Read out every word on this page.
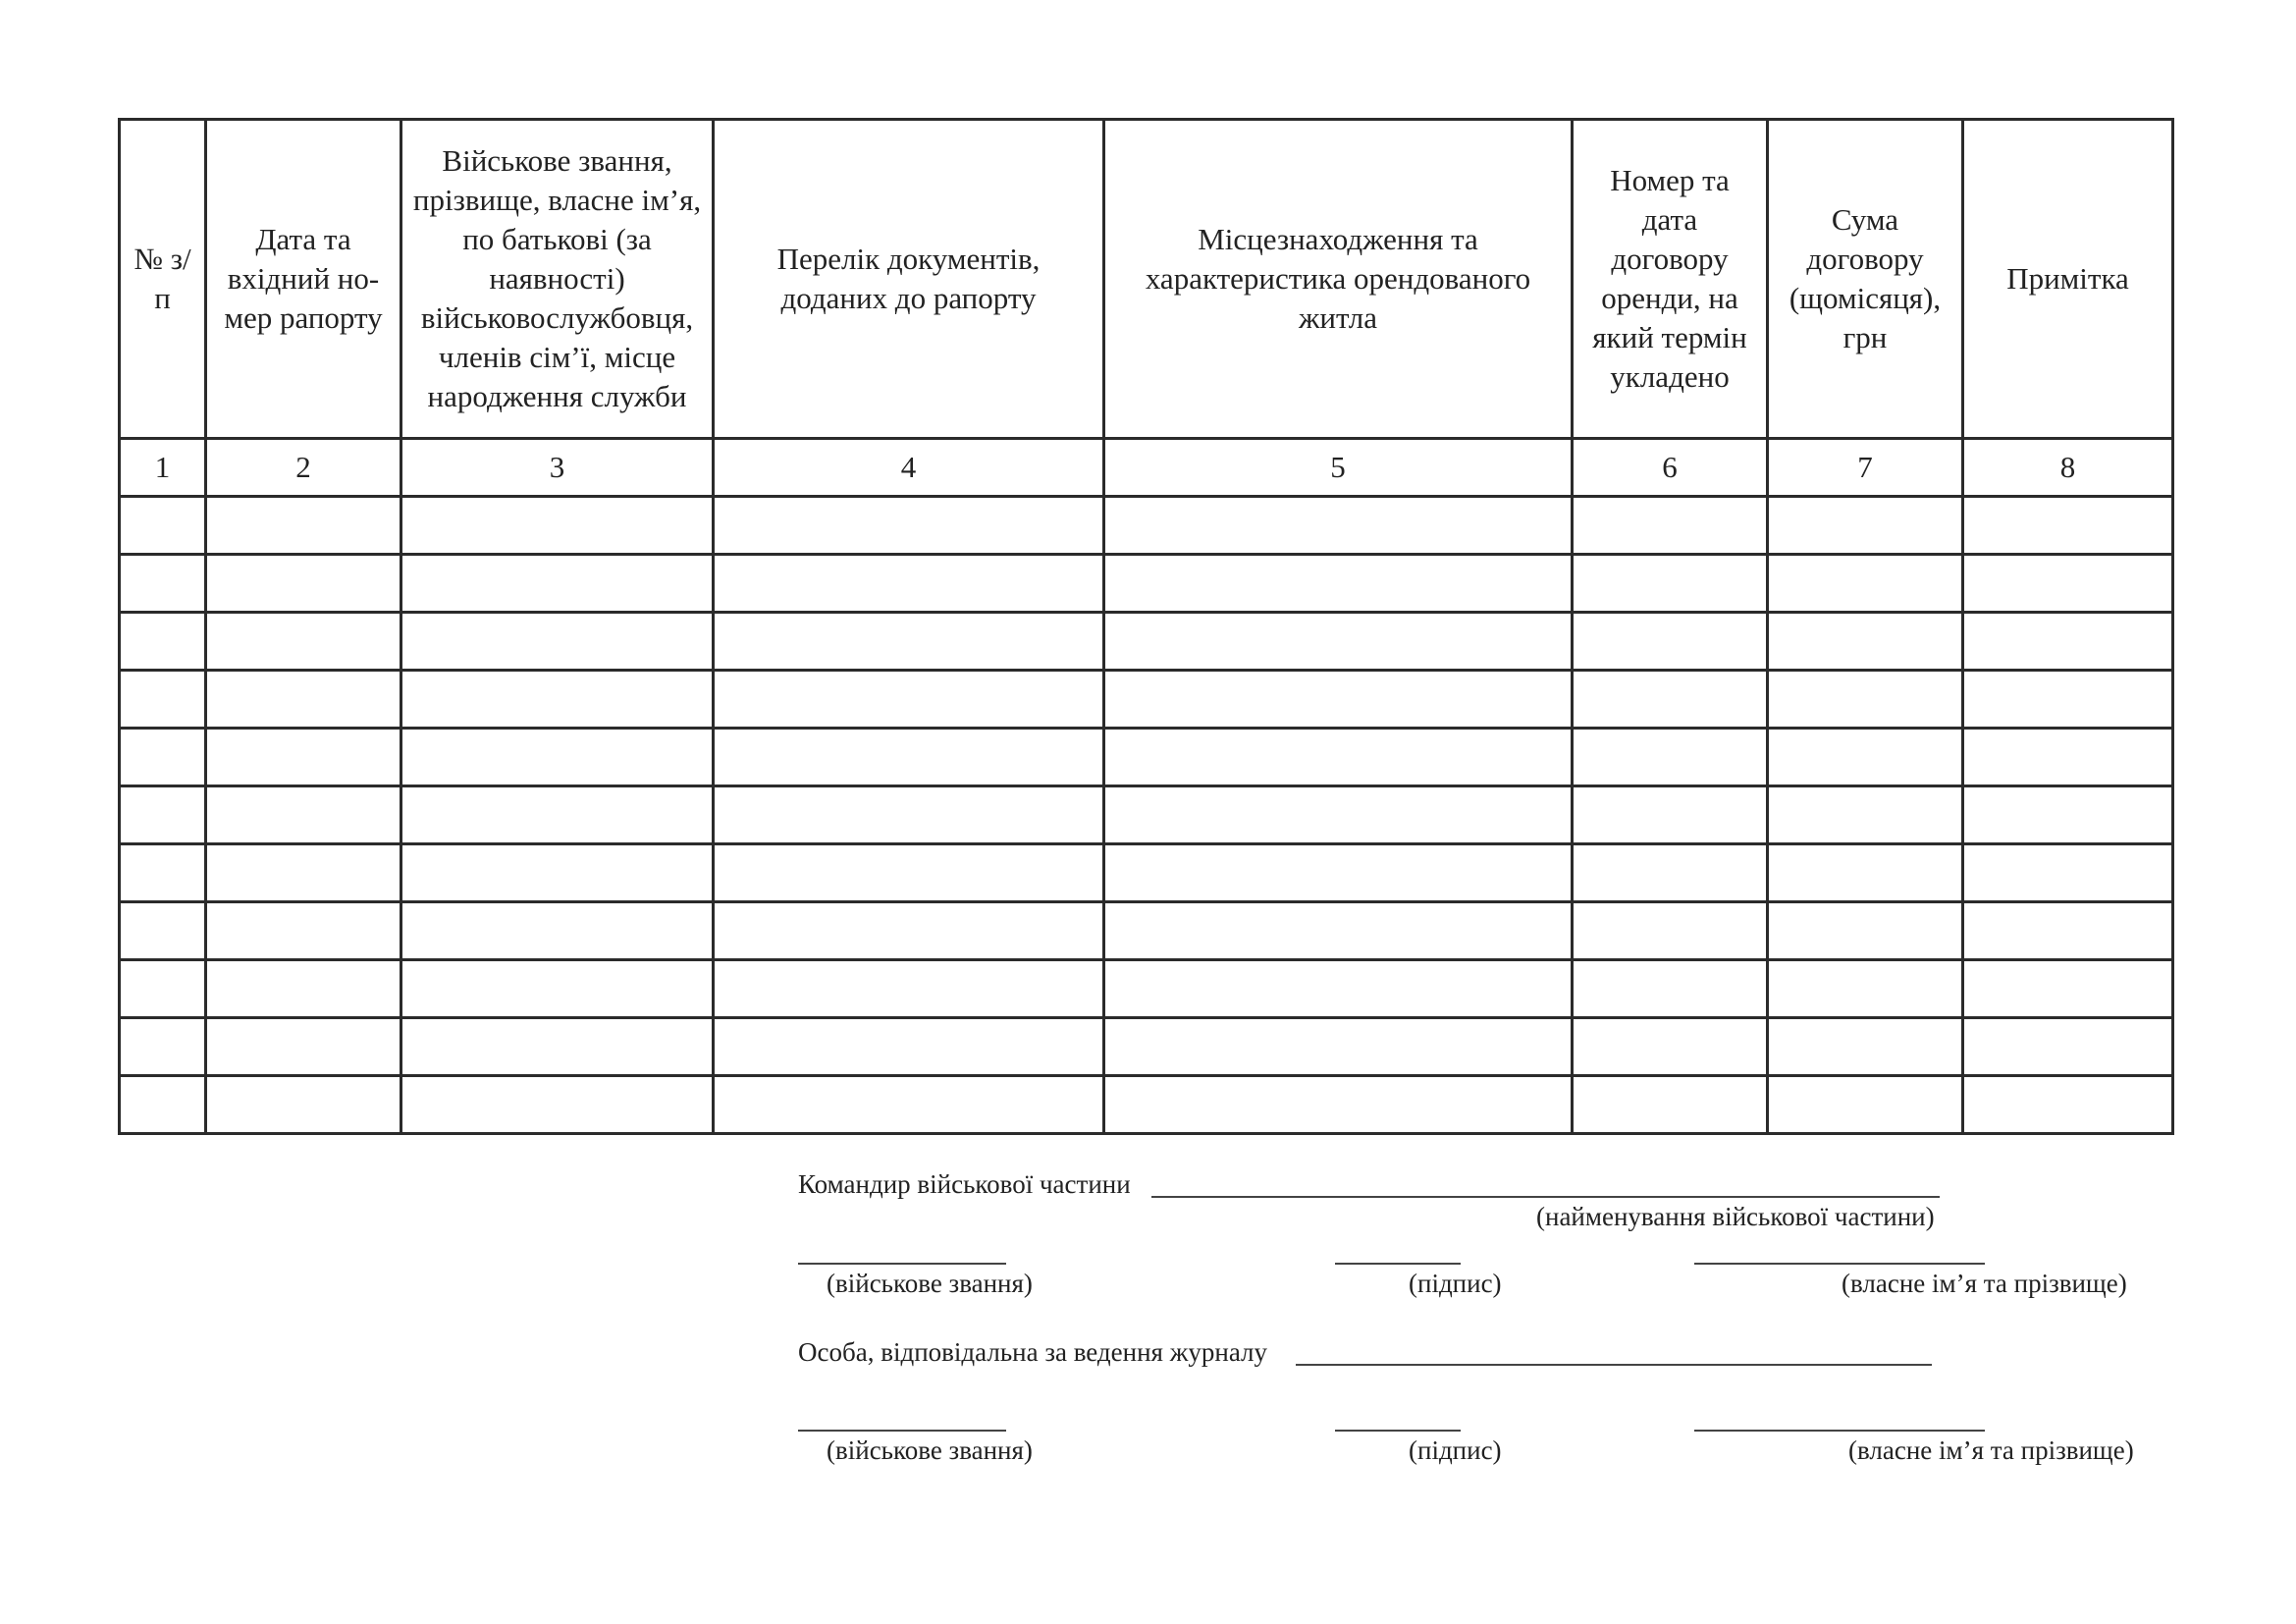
№ з/п	Дата та вхідний но-мер рапорту	Військове звання, прізвище, власне ім’я, по батькові (за наявності) військовослужбовця, членів сім’ї, місце народження служби	Перелік документів, доданих до рапорту	Місцезнаходження та характеристика орендованого житла	Номер та дата договору оренди, на який термін укладено	Сума договору (щомісяця), грн	Примітка

1	2	3	4	5	6	7	8

Командир військової частини
(найменування військової частини)
(військове звання)	(підпис)	(власне ім’я та прізвище)
Особа, відповідальна за ведення журналу
(військове звання)	(підпис)	(власне ім’я та прізвище)
